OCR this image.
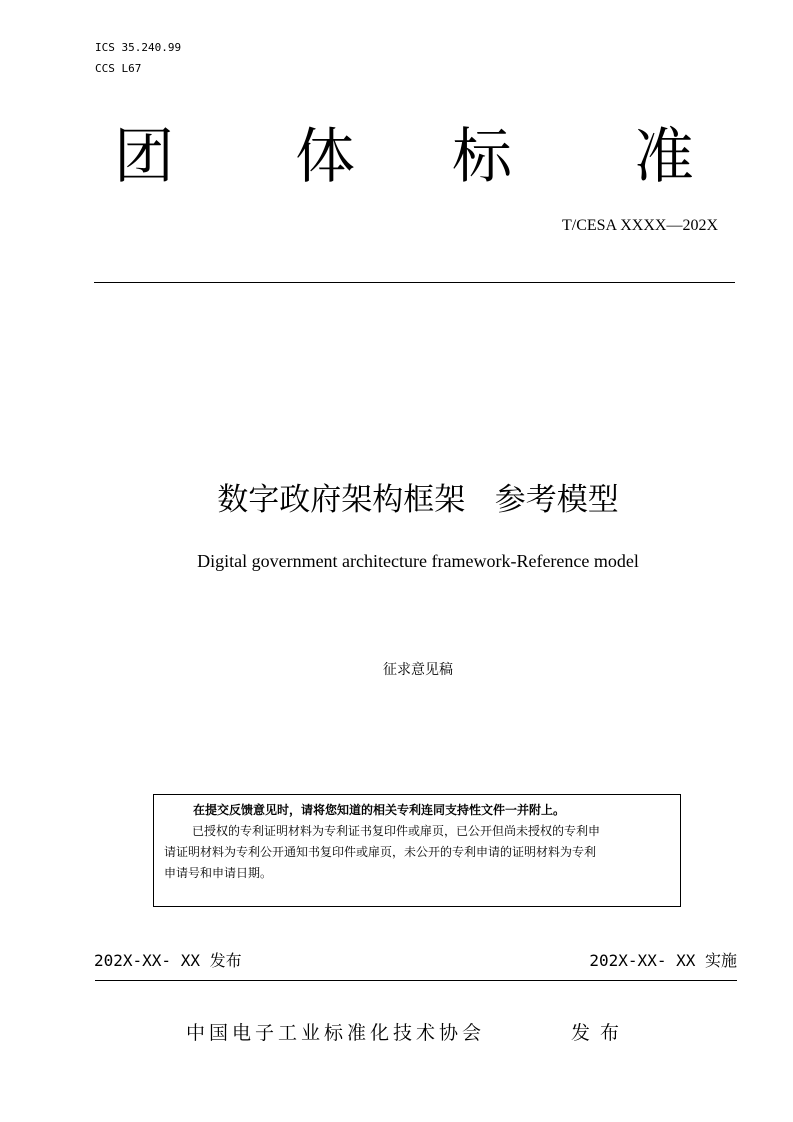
ICS 35.240.99
CCS L67
团 体 标 准
T/CESA XXXX—202X
数字政府架构框架   参考模型
Digital government architecture framework-Reference model
征求意见稿
在提交反馈意见时，请将您知道的相关专利连同支持性文件一并附上。
已授权的专利证明材料为专利证书复印件或扉页，已公开但尚未授权的专利申
请证明材料为专利公开通知书复印件或扉页，未公开的专利申请的证明材料为专利
申请号和申请日期。
202X-XX- XX 发布	202X-XX- XX 实施
中国电子工业标准化技术协会	发布
